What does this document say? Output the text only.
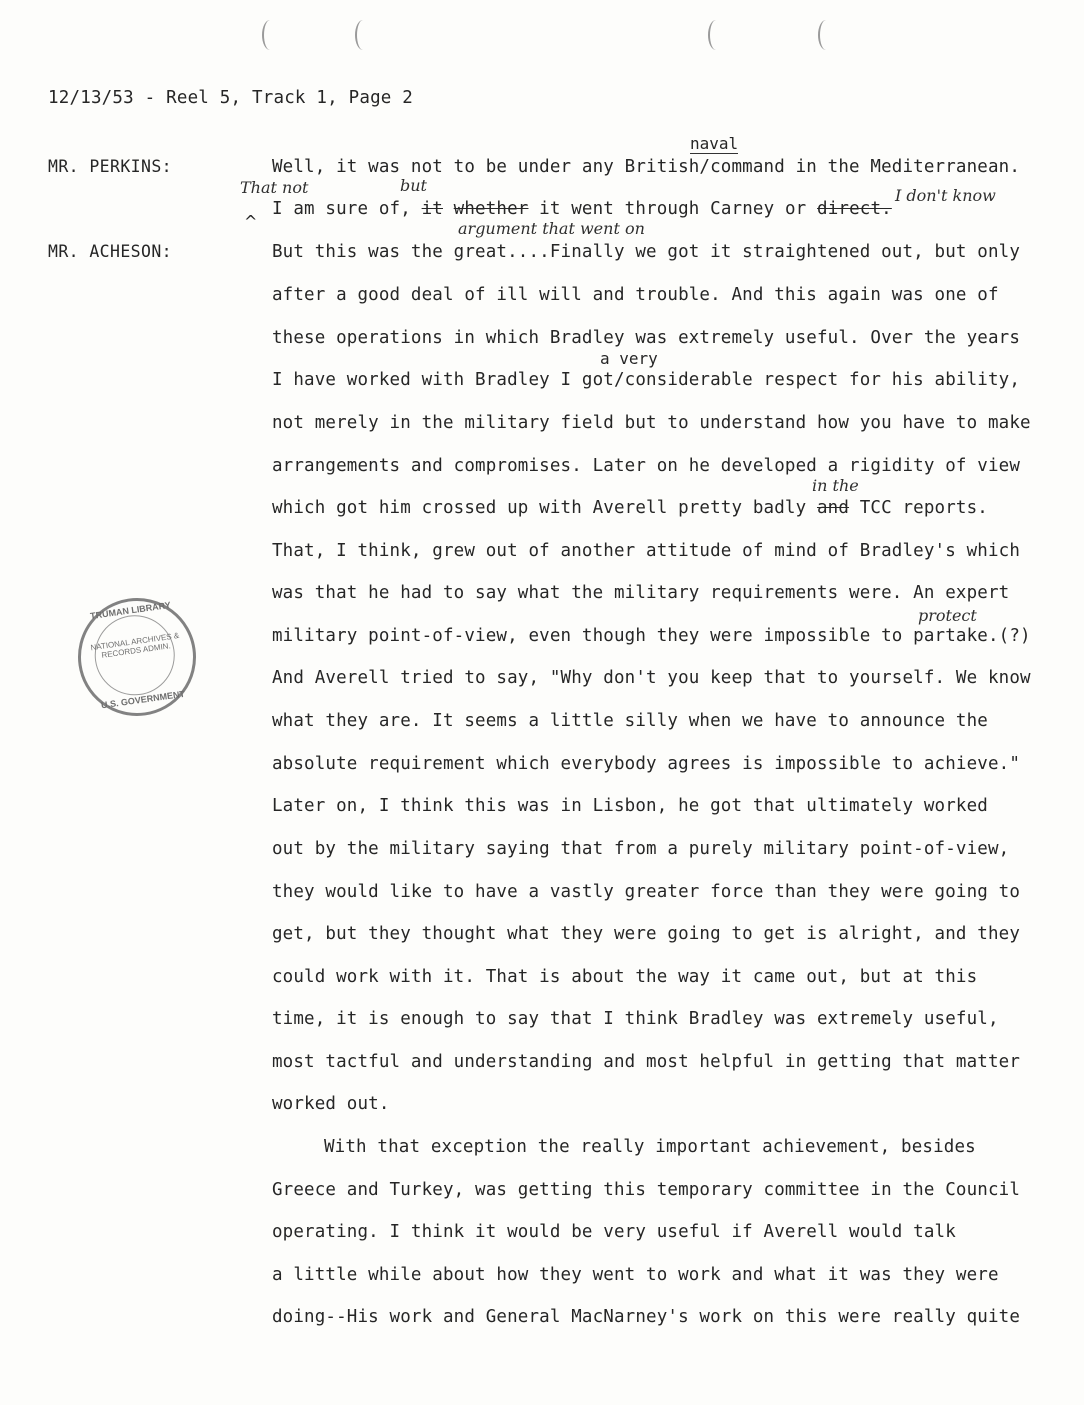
12/13/53 - Reel 5, Track 1, Page 2
MR. PERKINS:
MR. ACHESON:
naval
Well, it was not to be under any British/command in the Mediterranean.
That not	but
^
I am sure of, it whether it went through Carney or direct.
I don't know
argument that went on
But this was the great....Finally we got it straightened out, but only
after a good deal of ill will and trouble. And this again was one of
these operations in which Bradley was extremely useful. Over the years
a very
I have worked with Bradley I got/considerable respect for his ability,
not merely in the military field but to understand how you have to make
arrangements and compromises. Later on he developed a rigidity of view
in the
which got him crossed up with Averell pretty badly and TCC reports.
That, I think, grew out of another attitude of mind of Bradley's which
was that he had to say what the military requirements were. An expert
protect
military point-of-view, even though they were impossible to partake.(?)
And Averell tried to say, "Why don't you keep that to yourself. We know
what they are. It seems a little silly when we have to announce the
absolute requirement which everybody agrees is impossible to achieve."
Later on, I think this was in Lisbon, he got that ultimately worked
out by the military saying that from a purely military point-of-view,
they would like to have a vastly greater force than they were going to
get, but they thought what they were going to get is alright, and they
could work with it. That is about the way it came out, but at this
time, it is enough to say that I think Bradley was extremely useful,
most tactful and understanding and most helpful in getting that matter
worked out.
With that exception the really important achievement, besides
Greece and Turkey, was getting this temporary committee in the Council
operating. I think it would be very useful if Averell would talk
a little while about how they went to work and what it was they were
doing--His work and General MacNarney's work on this were really quite
TRUMAN LIBRARY
NATIONAL ARCHIVES & RECORDS ADMIN.
U.S. GOVERNMENT
